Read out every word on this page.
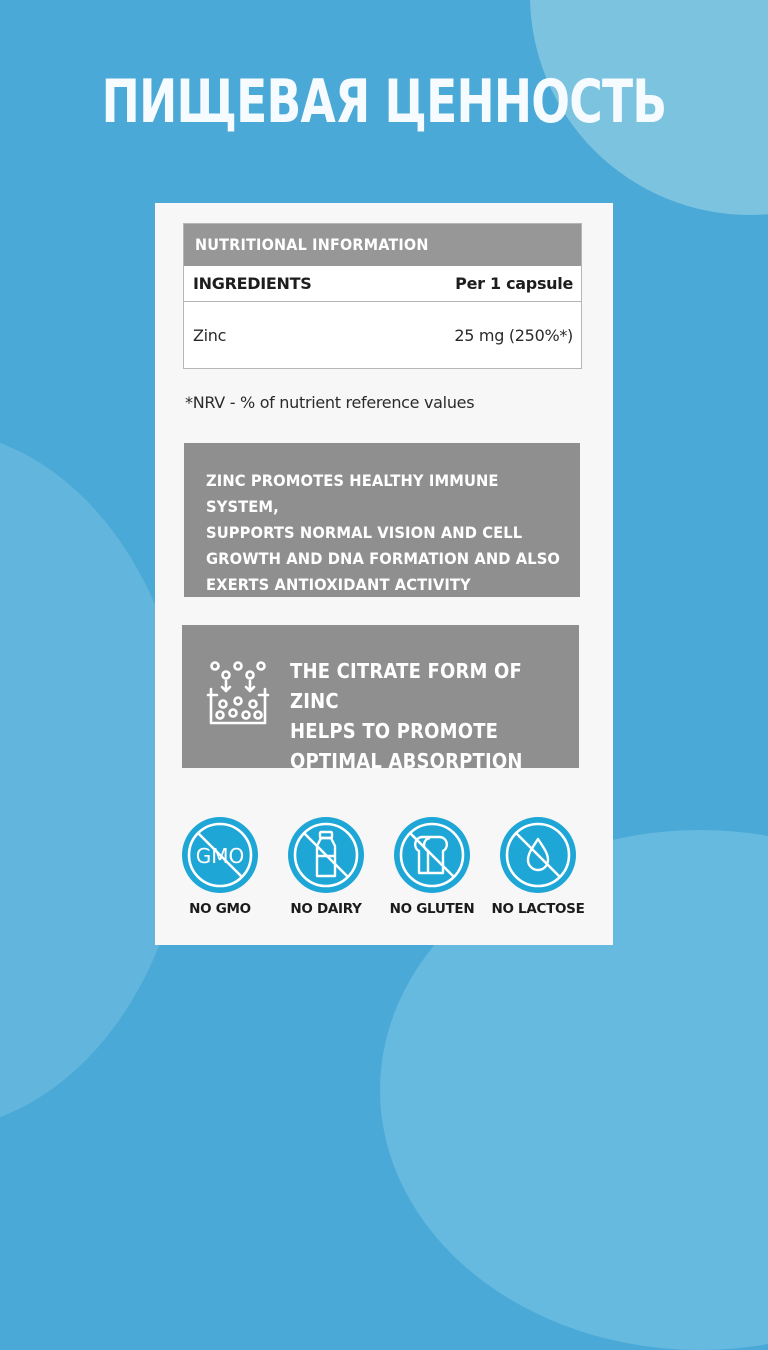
ПИЩЕВАЯ ЦЕННОСТЬ
NUTRITIONAL INFORMATION
INGREDIENTS	Per 1 capsule
Zinc	25 mg (250%*)
*NRV - % of nutrient reference values
ZINC PROMOTES HEALTHY IMMUNE SYSTEM,
SUPPORTS NORMAL VISION AND CELL
GROWTH AND DNA FORMATION AND ALSO
EXERTS ANTIOXIDANT ACTIVITY
THE CITRATE FORM OF ZINC
HELPS TO PROMOTE
OPTIMAL ABSORPTION
GMO
NO GMO	NO DAIRY	NO GLUTEN	NO LACTOSE
